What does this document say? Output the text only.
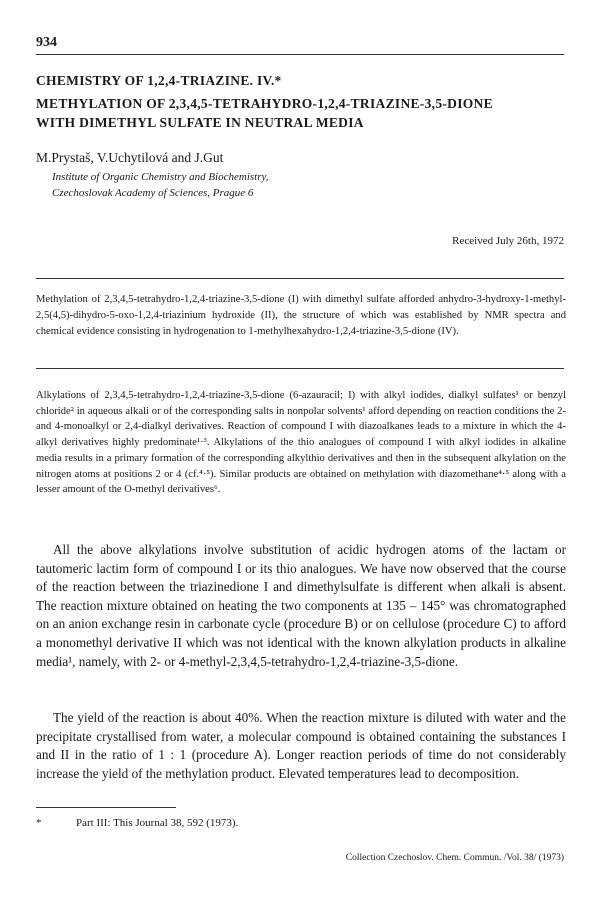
934
CHEMISTRY OF 1,2,4-TRIAZINE. IV.*
METHYLATION OF 2,3,4,5-TETRAHYDRO-1,2,4-TRIAZINE-3,5-DIONE
WITH DIMETHYL SULFATE IN NEUTRAL MEDIA
M.Prystaš, V.Uchytilová and J.Gut
Institute of Organic Chemistry and Biochemistry,
Czechoslovak Academy of Sciences, Prague 6
Received July 26th, 1972

Methylation of 2,3,4,5-tetrahydro-1,2,4-triazine-3,5-dione (I) with dimethyl sulfate afforded anhydro-3-hydroxy-1-methyl-2,5(4,5)-dihydro-5-oxo-1,2,4-triazinium hydroxide (II), the structure of which was established by NMR spectra and chemical evidence consisting in hydrogenation to 1-methylhexahydro-1,2,4-triazine-3,5-dione (IV).

Alkylations of 2,3,4,5-tetrahydro-1,2,4-triazine-3,5-dione (6-azauracil; I) with alkyl iodides, dialkyl sulfates¹ or benzyl chloride² in aqueous alkali or of the corresponding salts in nonpolar solvents¹ afford depending on reaction conditions the 2- and 4-monoalkyl or 2,4-dialkyl derivatives. Reaction of compound I with diazoalkanes leads to a mixture in which the 4-alkyl derivatives highly predominate¹·³. Alkylations of the thio analogues of compound I with alkyl iodides in alkaline media results in a primary formation of the corresponding alkylthio derivatives and then in the subsequent alkylation on the nitrogen atoms at positions 2 or 4 (cf.⁴·⁵). Similar products are obtained on methylation with diazomethane⁴·⁵ along with a lesser amount of the O-methyl derivatives⁶.

All the above alkylations involve substitution of acidic hydrogen atoms of the lactam or tautomeric lactim form of compound I or its thio analogues. We have now observed that the course of the reaction between the triazinedione I and dimethylsulfate is different when alkali is absent. The reaction mixture obtained on heating the two components at 135 – 145° was chromatographed on an anion exchange resin in carbonate cycle (procedure B) or on cellulose (procedure C) to afford a monomethyl derivative II which was not identical with the known alkylation products in alkaline media¹, namely, with 2- or 4-methyl-2,3,4,5-tetrahydro-1,2,4-triazine-3,5-dione.

The yield of the reaction is about 40%. When the reaction mixture is diluted with water and the precipitate crystallised from water, a molecular compound is obtained containing the substances I and II in the ratio of 1 : 1 (procedure A). Longer reaction periods of time do not considerably increase the yield of the methylation product. Elevated temperatures lead to decomposition.

*	Part III: This Journal 38, 592 (1973).
Collection Czechoslov. Chem. Commun. /Vol. 38/ (1973)
